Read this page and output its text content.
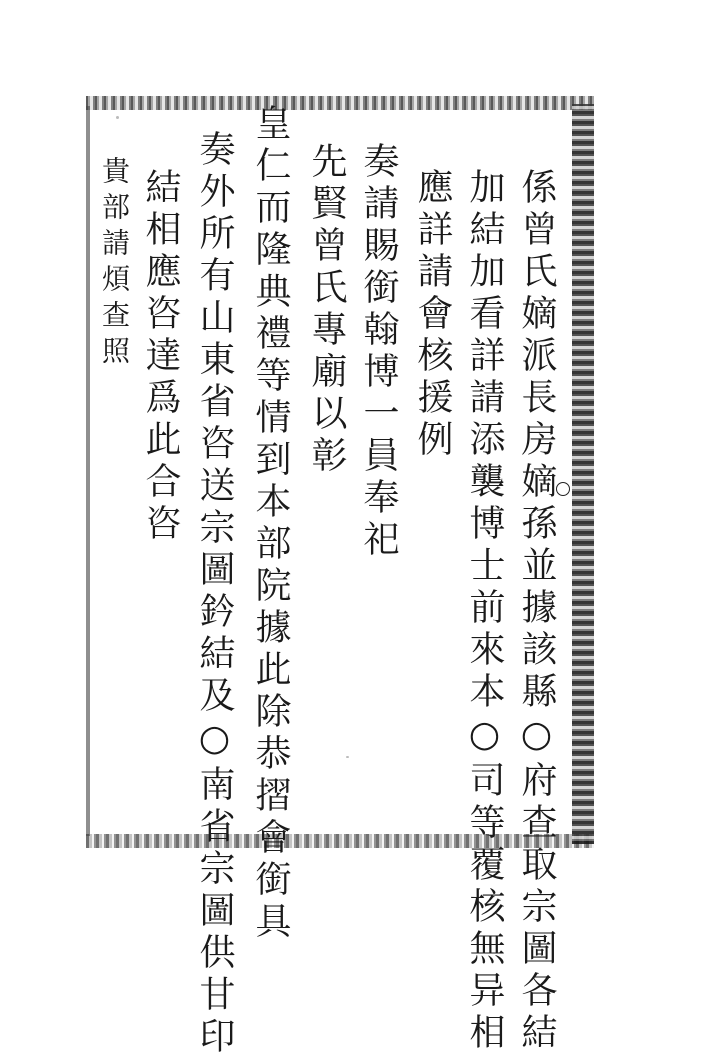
係曾氏嫡派長房嫡孫並據該縣○府查取宗圖各結
加結加看詳請添襲博士前來本○司等覆核無异相
應詳請會核援例
奏請賜銜翰博一員奉祀
先賢曾氏專廟以彰
皇仁而隆典禮等情到本部院據此除恭摺會銜具
奏外所有山東省咨送宗圖鈐結及○南省宗圖供甘印
結相應咨達爲此合咨
貴部請煩查照
